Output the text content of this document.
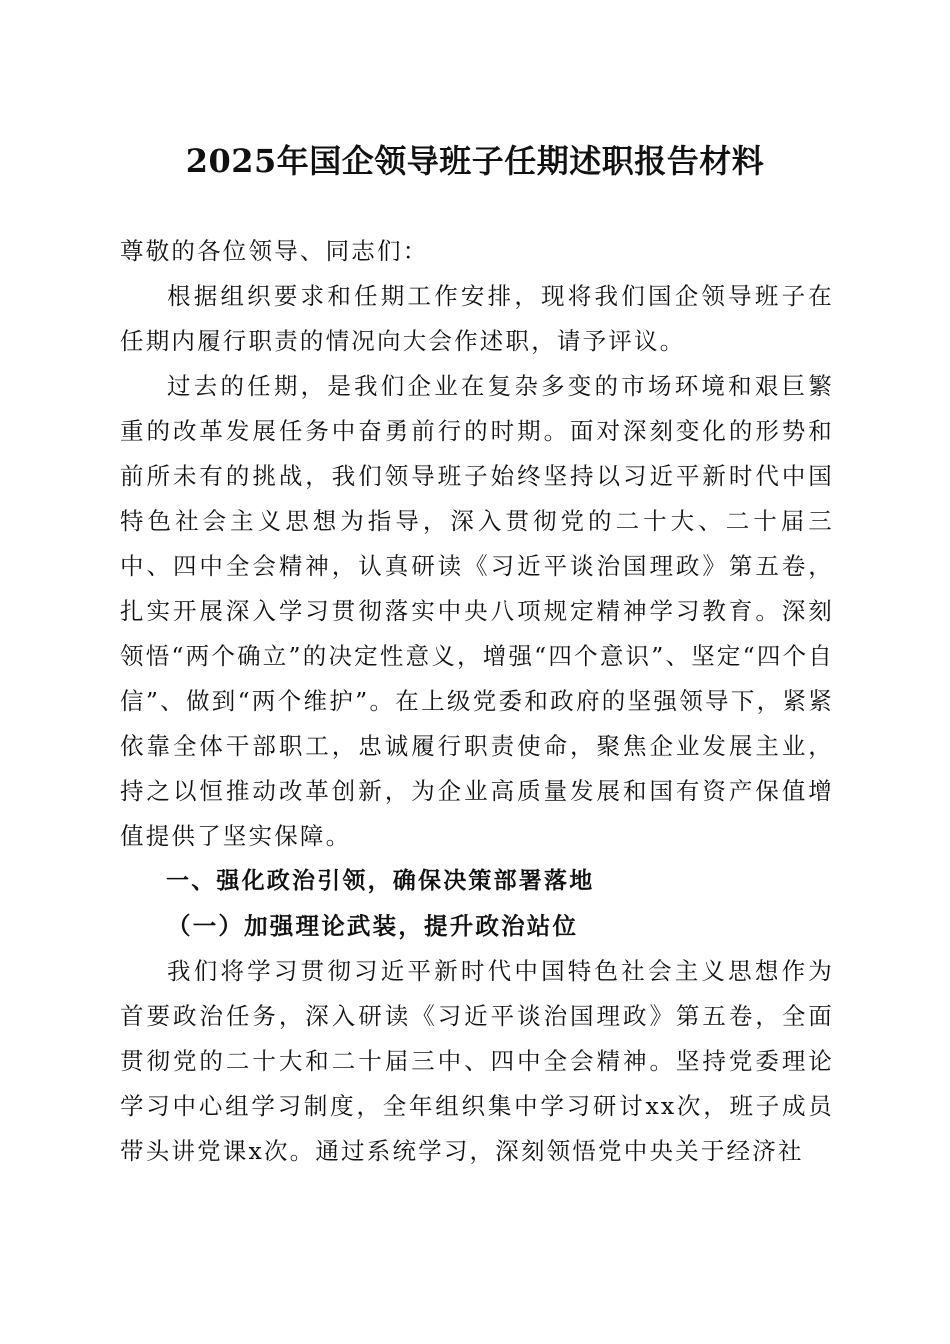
2025年国企领导班子任期述职报告材料

尊敬的各位领导、同志们：

根据组织要求和任期工作安排，现将我们国企领导班子在任期内履行职责的情况向大会作述职，请予评议。

过去的任期，是我们企业在复杂多变的市场环境和艰巨繁重的改革发展任务中奋勇前行的时期。面对深刻变化的形势和前所未有的挑战，我们领导班子始终坚持以习近平新时代中国特色社会主义思想为指导，深入贯彻党的二十大、二十届三中、四中全会精神，认真研读《习近平谈治国理政》第五卷，扎实开展深入学习贯彻落实中央八项规定精神学习教育。深刻领悟“两个确立”的决定性意义，增强“四个意识”、坚定“四个自信”、做到“两个维护”。在上级党委和政府的坚强领导下，紧紧依靠全体干部职工，忠诚履行职责使命，聚焦企业发展主业，持之以恒推动改革创新，为企业高质量发展和国有资产保值增值提供了坚实保障。

一、强化政治引领，确保决策部署落地

（一）加强理论武装，提升政治站位

我们将学习贯彻习近平新时代中国特色社会主义思想作为首要政治任务，深入研读《习近平谈治国理政》第五卷，全面贯彻党的二十大和二十届三中、四中全会精神。坚持党委理论学习中心组学习制度，全年组织集中学习研讨xx次，班子成员带头讲党课x次。通过系统学习，深刻领悟党中央关于经济社
